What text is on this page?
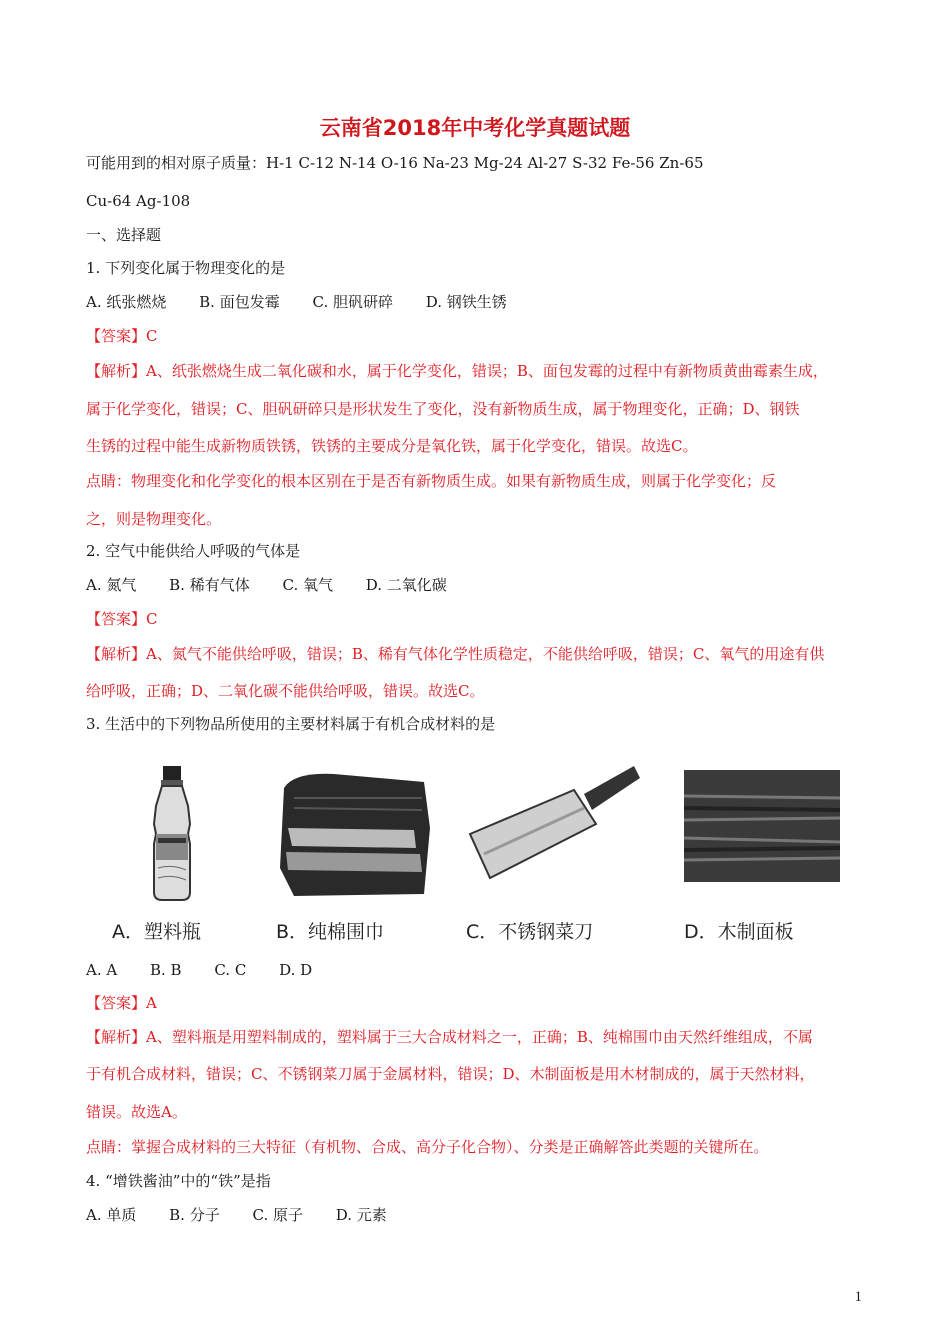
云南省2018年中考化学真题试题
可能用到的相对原子质量：H-1 C-12 N-14 O-16 Na-23 Mg-24 Al-27 S-32 Fe-56 Zn-65
Cu-64 Ag-108
一、选择题
1. 下列变化属于物理变化的是
A. 纸张燃烧 B. 面包发霉 C. 胆矾研碎 D. 钢铁生锈
【答案】C
【解析】A、纸张燃烧生成二氧化碳和水，属于化学变化，错误；B、面包发霉的过程中有新物质黄曲霉素生成，
属于化学变化，错误；C、胆矾研碎只是形状发生了变化，没有新物质生成，属于物理变化，正确；D、钢铁
生锈的过程中能生成新物质铁锈，铁锈的主要成分是氧化铁，属于化学变化，错误。故选C。
点睛：物理变化和化学变化的根本区别在于是否有新物质生成。如果有新物质生成，则属于化学变化；反
之，则是物理变化。
2. 空气中能供给人呼吸的气体是
A. 氮气 B. 稀有气体 C. 氧气 D. 二氧化碳
【答案】C
【解析】A、氮气不能供给呼吸，错误；B、稀有气体化学性质稳定，不能供给呼吸，错误；C、氧气的用途有供
给呼吸，正确；D、二氧化碳不能供给呼吸，错误。故选C。
3. 生活中的下列物品所使用的主要材料属于有机合成材料的是
A．塑料瓶	B．纯棉围巾	C．不锈钢菜刀	D．木制面板
A. A B. B C. C D. D
【答案】A
【解析】A、塑料瓶是用塑料制成的，塑料属于三大合成材料之一，正确；B、纯棉围巾由天然纤维组成，不属
于有机合成材料，错误；C、不锈钢菜刀属于金属材料，错误；D、木制面板是用木材制成的，属于天然材料，
错误。故选A。
点睛：掌握合成材料的三大特征（有机物、合成、高分子化合物）、分类是正确解答此类题的关键所在。
4. “增铁酱油”中的“铁”是指
A. 单质 B. 分子 C. 原子 D. 元素
1
